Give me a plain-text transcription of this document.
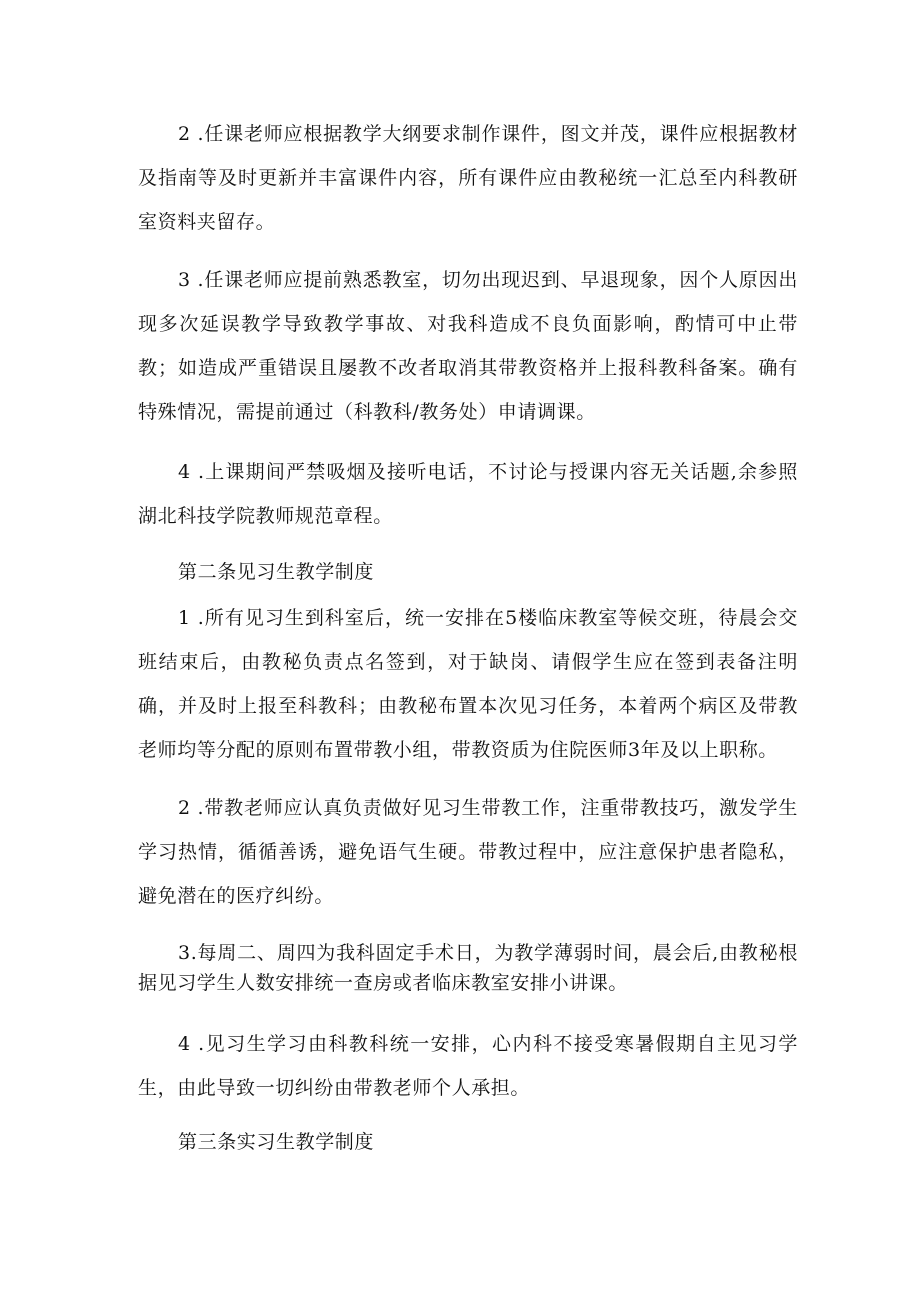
2 .任课老师应根据教学大纲要求制作课件，图文并茂，课件应根据教材及指南等及时更新并丰富课件内容，所有课件应由教秘统一汇总至内科教研室资料夹留存。

3 .任课老师应提前熟悉教室，切勿出现迟到、早退现象，因个人原因出现多次延误教学导致教学事故、对我科造成不良负面影响，酌情可中止带教；如造成严重错误且屡教不改者取消其带教资格并上报科教科备案。确有特殊情况，需提前通过（科教科/教务处）申请调课。

4 .上课期间严禁吸烟及接听电话，不讨论与授课内容无关话题,余参照湖北科技学院教师规范章程。

第二条见习生教学制度

1 .所有见习生到科室后，统一安排在5楼临床教室等候交班，待晨会交班结束后，由教秘负责点名签到，对于缺岗、请假学生应在签到表备注明确，并及时上报至科教科；由教秘布置本次见习任务，本着两个病区及带教老师均等分配的原则布置带教小组，带教资质为住院医师3年及以上职称。

2 .带教老师应认真负责做好见习生带教工作，注重带教技巧，激发学生学习热情，循循善诱，避免语气生硬。带教过程中，应注意保护患者隐私，避免潜在的医疗纠纷。

3.每周二、周四为我科固定手术日，为教学薄弱时间，晨会后,由教秘根据见习学生人数安排统一查房或者临床教室安排小讲课。

4 .见习生学习由科教科统一安排，心内科不接受寒暑假期自主见习学生，由此导致一切纠纷由带教老师个人承担。

第三条实习生教学制度
